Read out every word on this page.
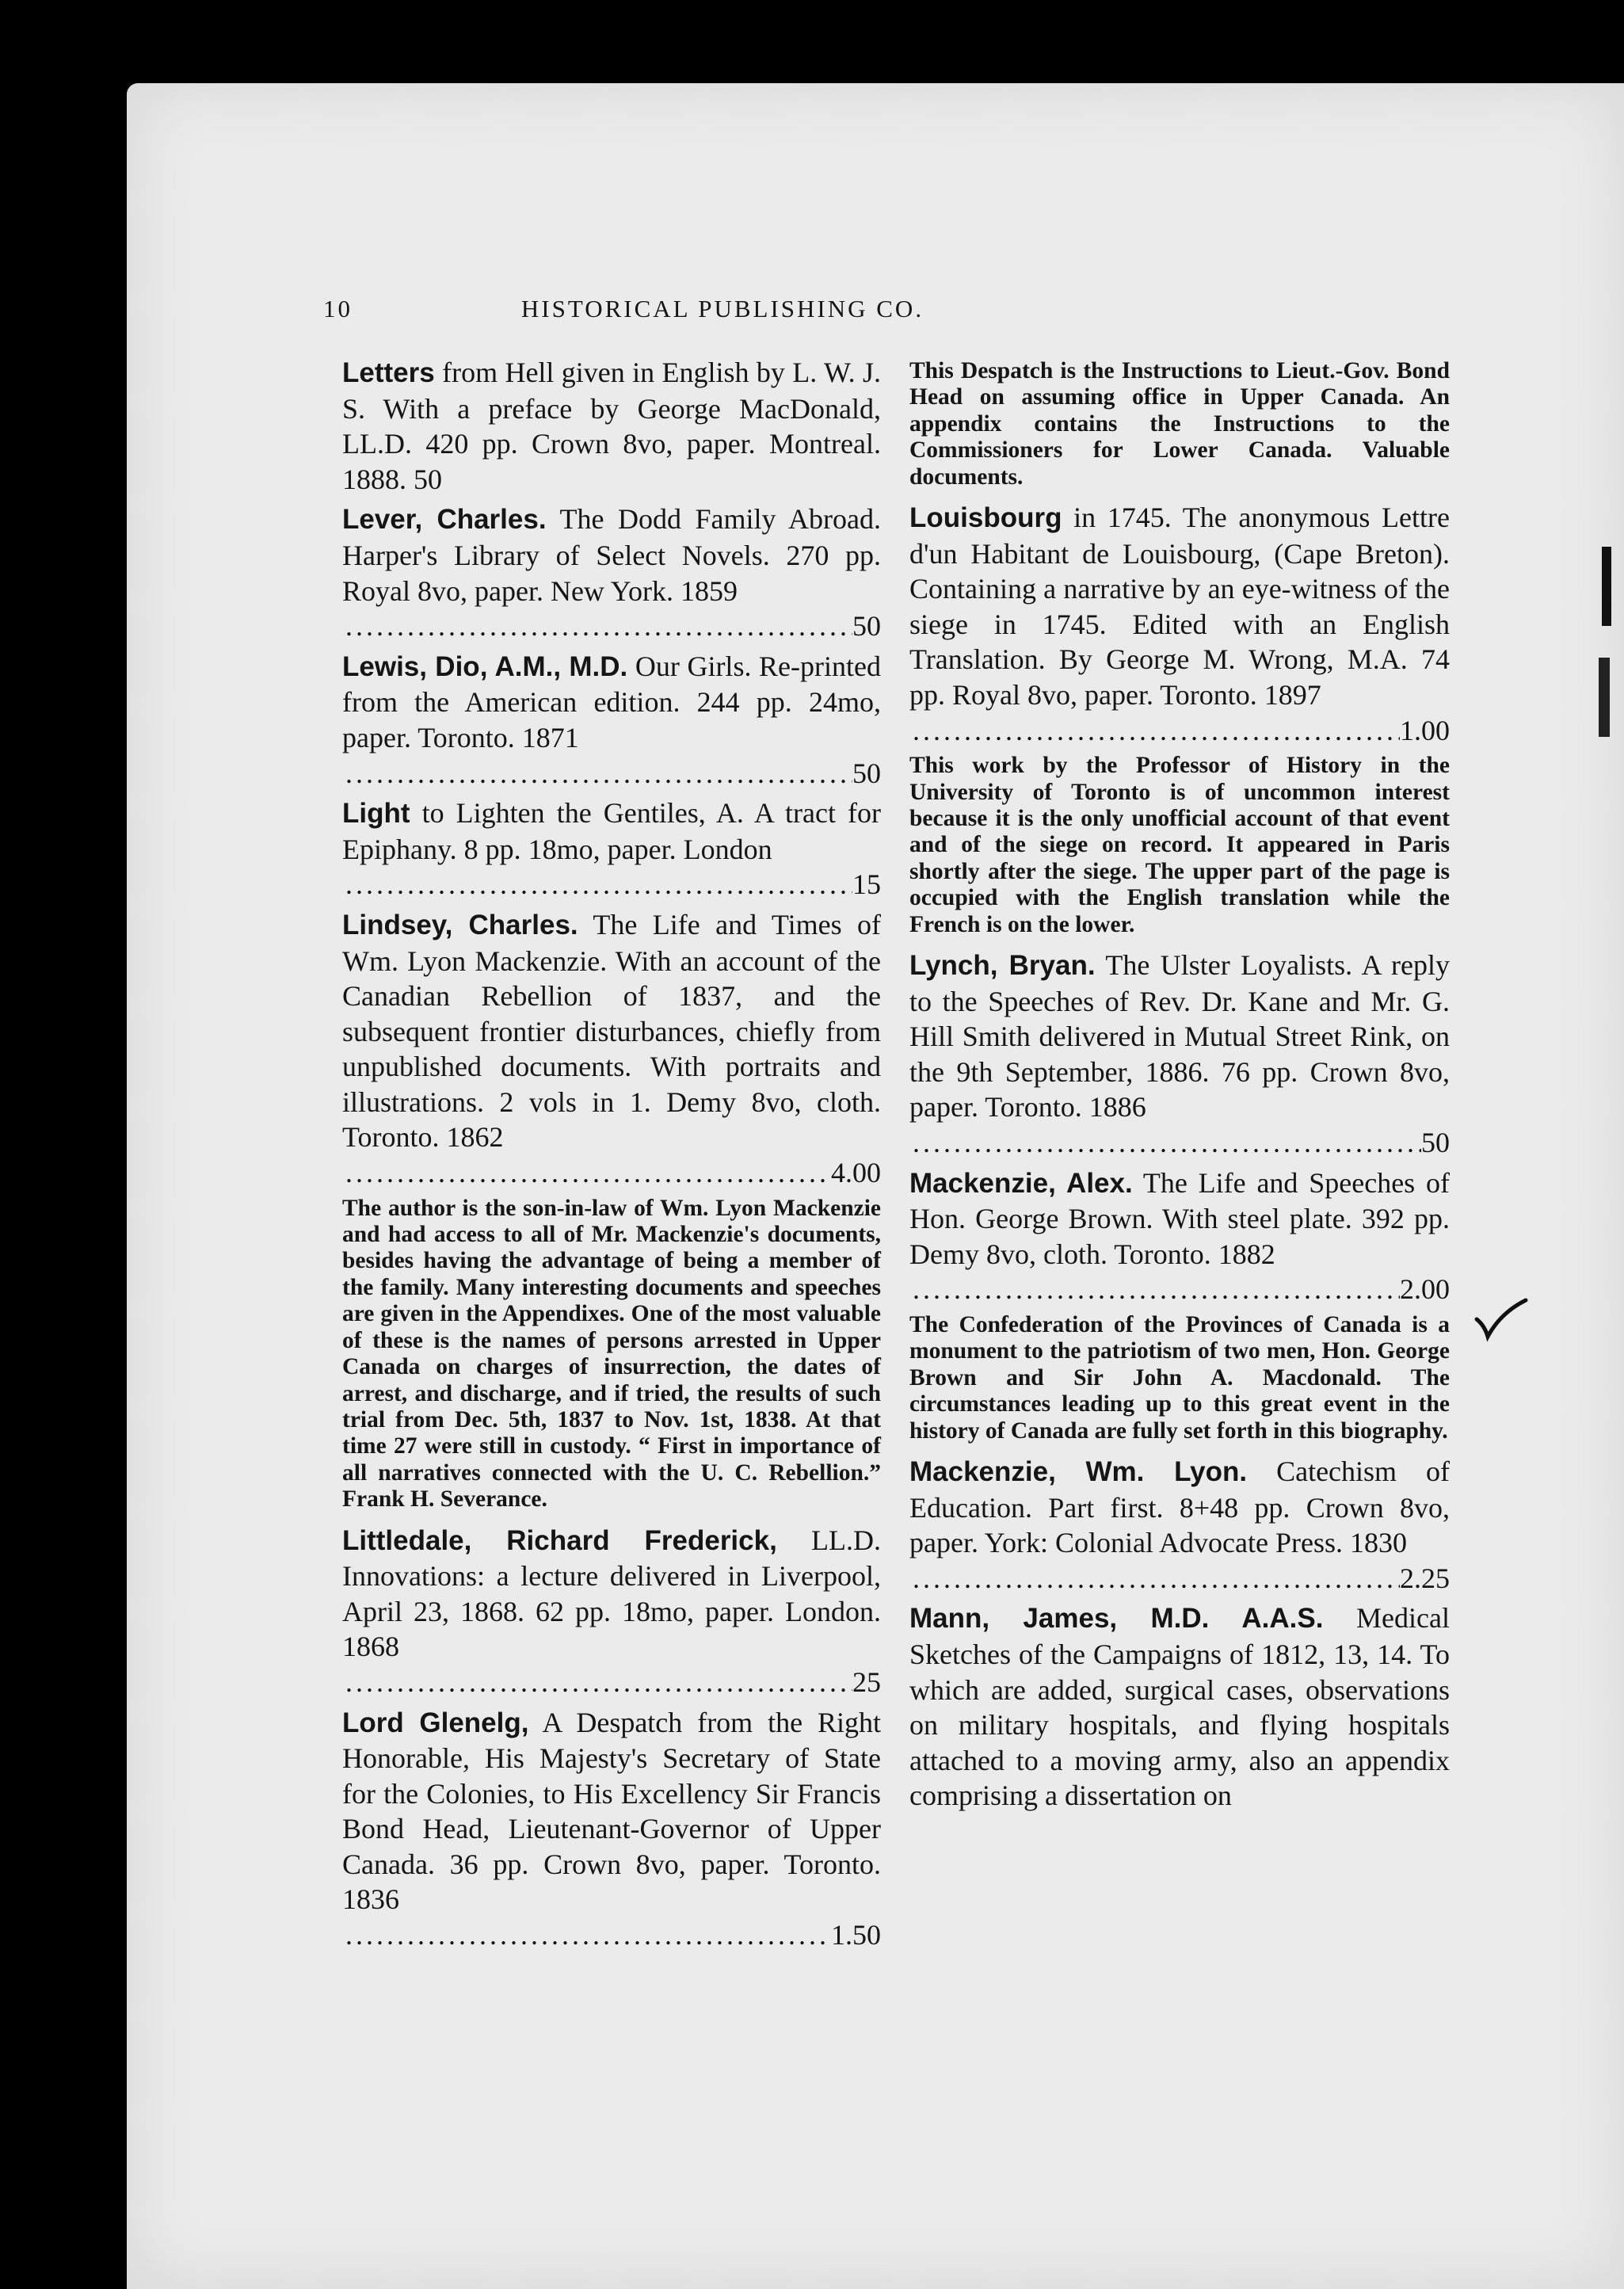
10	HISTORICAL PUBLISHING CO.

Letters from Hell given in English by L. W. J. S. With a preface by George MacDonald, LL.D. 420 pp. Crown 8vo, paper. Montreal. 1888. 50

Lever, Charles. The Dodd Family Abroad. Harper's Library of Select Novels. 270 pp. Royal 8vo, paper. New York. 1859
.....
50
Lewis, Dio, A.M., M.D. Our Girls. Re-printed from the American edition. 244 pp. 24mo, paper. Toronto. 1871
.....
50
Light to Lighten the Gentiles, A. A tract for Epiphany. 8 pp. 18mo, paper. London
.....
15
Lindsey, Charles. The Life and Times of Wm. Lyon Mackenzie. With an account of the Canadian Rebellion of 1837, and the subsequent frontier disturbances, chiefly from unpublished documents. With portraits and illustrations. 2 vols in 1. Demy 8vo, cloth. Toronto. 1862
.....
4.00

The author is the son-in-law of Wm. Lyon Mackenzie and had access to all of Mr. Mackenzie's documents, besides having the advantage of being a member of the family. Many interesting documents and speeches are given in the Appendixes. One of the most valuable of these is the names of persons arrested in Upper Canada on charges of insurrection, the dates of arrest, and discharge, and if tried, the results of such trial from Dec. 5th, 1837 to Nov. 1st, 1838. At that time 27 were still in custody. “ First in importance of all narratives connected with the U. C. Rebellion.” Frank H. Severance.

Littledale, Richard Frederick, LL.D. Innovations: a lecture delivered in Liverpool, April 23, 1868. 62 pp. 18mo, paper. London. 1868
.....
25
Lord Glenelg, A Despatch from the Right Honorable, His Majesty's Secretary of State for the Colonies, to His Excellency Sir Francis Bond Head, Lieutenant-Governor of Upper Canada. 36 pp. Crown 8vo, paper. Toronto. 1836
.....
1.50

This Despatch is the Instructions to Lieut.-Gov. Bond Head on assuming office in Upper Canada. An appendix contains the Instructions to the Commissioners for Lower Canada. Valuable documents.

Louisbourg in 1745. The anonymous Lettre d'un Habitant de Louisbourg, (Cape Breton). Containing a narrative by an eye-witness of the siege in 1745. Edited with an English Translation. By George M. Wrong, M.A. 74 pp. Royal 8vo, paper. Toronto. 1897
.....
1.00

This work by the Professor of History in the University of Toronto is of uncommon interest because it is the only unofficial account of that event and of the siege on record. It appeared in Paris shortly after the siege. The upper part of the page is occupied with the English translation while the French is on the lower.

Lynch, Bryan. The Ulster Loyalists. A reply to the Speeches of Rev. Dr. Kane and Mr. G. Hill Smith delivered in Mutual Street Rink, on the 9th September, 1886. 76 pp. Crown 8vo, paper. Toronto. 1886
.....
50
Mackenzie, Alex. The Life and Speeches of Hon. George Brown. With steel plate. 392 pp. Demy 8vo, cloth. Toronto. 1882
.....
2.00

The Confederation of the Provinces of Canada is a monument to the patriotism of two men, Hon. George Brown and Sir John A. Macdonald. The circumstances leading up to this great event in the history of Canada are fully set forth in this biography.

Mackenzie, Wm. Lyon. Catechism of Education. Part first. 8+48 pp. Crown 8vo, paper. York: Colonial Advocate Press. 1830
.....
2.25
Mann, James, M.D. A.A.S. Medical Sketches of the Campaigns of 1812, 13, 14. To which are added, surgical cases, observations on military hospitals, and flying hospitals attached to a moving army, also an appendix comprising a dissertation on
